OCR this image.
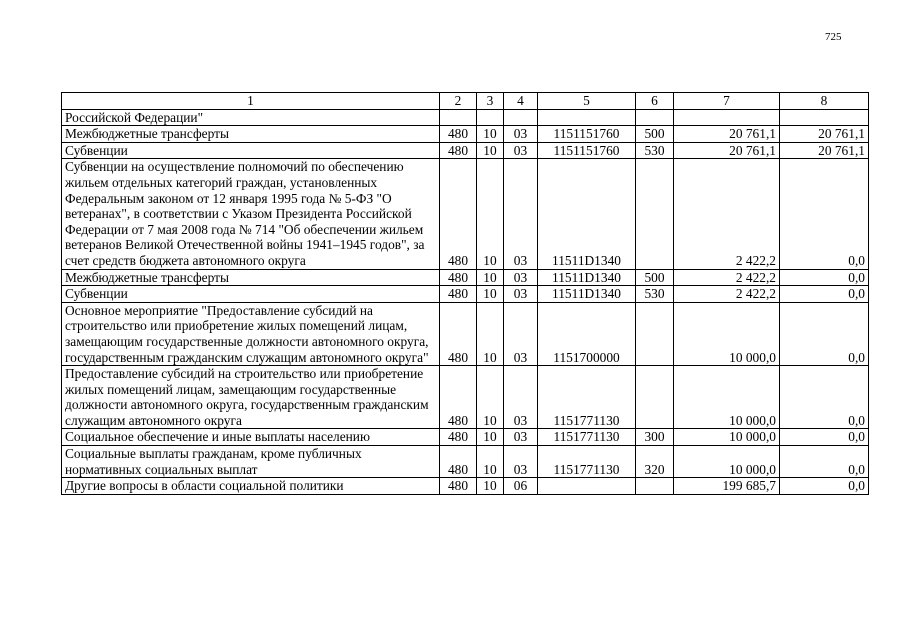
725
1	2	3	4	5	6	7	8
Российской Федерации"							
Межбюджетные трансферты	480	10	03	1151151760	500	20 761,1	20 761,1
Субвенции	480	10	03	1151151760	530	20 761,1	20 761,1
Субвенции на осуществление полномочий по обеспечению жильем отдельных категорий граждан, установленных Федеральным законом от 12 января 1995 года № 5-ФЗ "О ветеранах", в соответствии с Указом Президента Российской Федерации от 7 мая 2008 года № 714 "Об обеспечении жильем ветеранов Великой Отечественной войны 1941–1945 годов", за счет средств бюджета автономного округа	480	10	03	11511D1340		2 422,2	0,0
Межбюджетные трансферты	480	10	03	11511D1340	500	2 422,2	0,0
Субвенции	480	10	03	11511D1340	530	2 422,2	0,0
Основное мероприятие "Предоставление субсидий на строительство или приобретение жилых помещений лицам, замещающим государственные должности автономного округа, государственным гражданским служащим автономного округа"	480	10	03	1151700000		10 000,0	0,0
Предоставление субсидий на строительство или приобретение жилых помещений лицам, замещающим государственные должности автономного округа, государственным гражданским служащим автономного округа	480	10	03	1151771130		10 000,0	0,0
Социальное обеспечение и иные выплаты населению	480	10	03	1151771130	300	10 000,0	0,0
Социальные выплаты гражданам, кроме публичных нормативных социальных выплат	480	10	03	1151771130	320	10 000,0	0,0
Другие вопросы в области социальной политики	480	10	06			199 685,7	0,0
